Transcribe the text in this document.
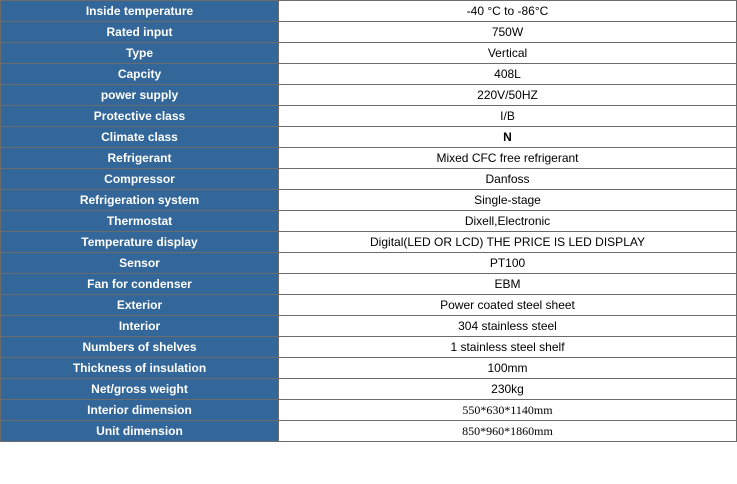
Inside temperature	-40 °C to -86°C
Rated input	750W
Type	Vertical
Capcity	408L
power supply	220V/50HZ
Protective class	I/B
Climate class	N
Refrigerant	Mixed CFC free refrigerant
Compressor	Danfoss
Refrigeration system	Single-stage
Thermostat	Dixell,Electronic
Temperature display	Digital(LED OR LCD) THE PRICE IS LED DISPLAY
Sensor	PT100
Fan for condenser	EBM
Exterior	Power coated steel sheet
Interior	304 stainless steel
Numbers of shelves	1 stainless steel shelf
Thickness of insulation	100mm
Net/gross weight	230kg
Interior dimension	550*630*1140mm
Unit dimension	850*960*1860mm
